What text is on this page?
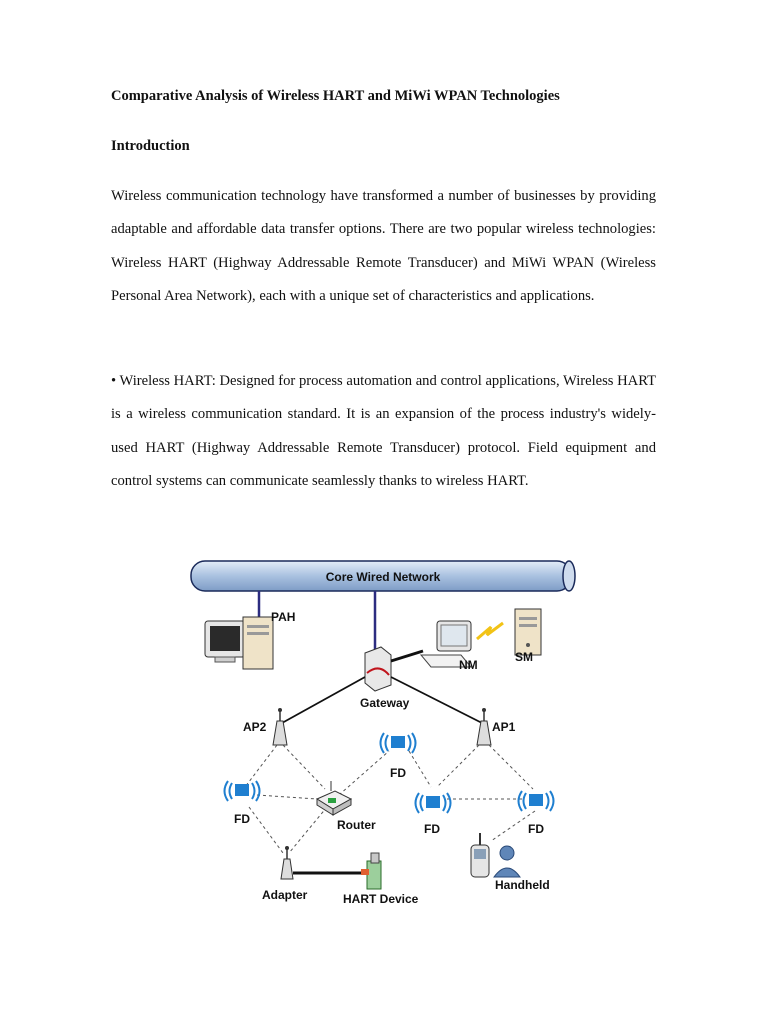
Comparative Analysis of Wireless HART and MiWi WPAN Technologies
Introduction

Wireless communication technology have transformed a number of businesses by providing adaptable and affordable data transfer options. There are two popular wireless technologies: Wireless HART (Highway Addressable Remote Transducer) and MiWi WPAN (Wireless Personal Area Network), each with a unique set of characteristics and applications.

• Wireless HART: Designed for process automation and control applications, Wireless HART is a wireless communication standard. It is an expansion of the process industry's widely-used HART (Highway Addressable Remote Transducer) protocol. Field equipment and control systems can communicate seamlessly thanks to wireless HART.

Core Wired Network
PAH
Gateway
NM
SM
AP2	AP1
FD
FD
FD	FD
Router
Adapter	HART Device
Handheld
